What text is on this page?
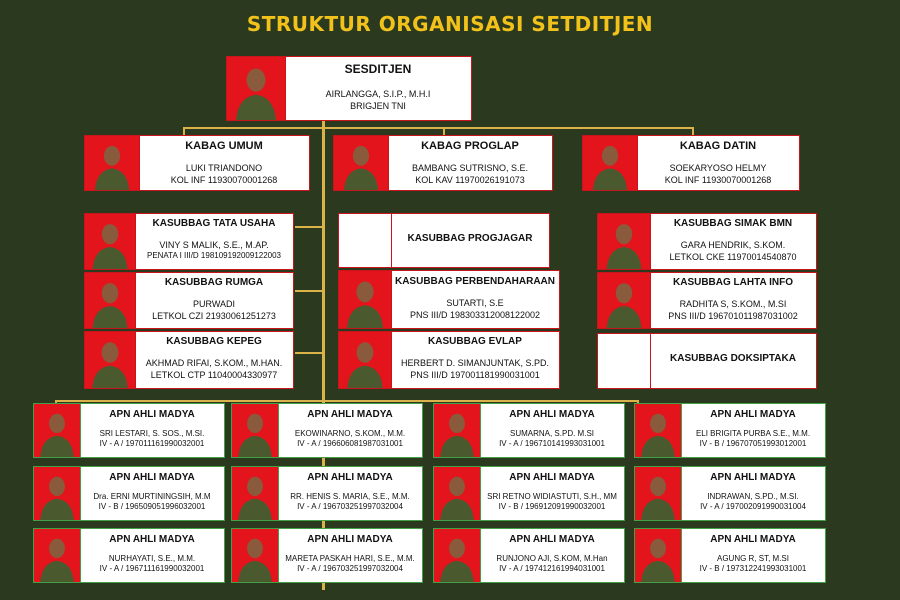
STRUKTUR ORGANISASI SETDITJEN
SESDITJEN
AIRLANGGA, S.I.P., M.H.I
BRIGJEN TNI
KABAG UMUM
LUKI TRIANDONO
KOL INF 11930070001268
KABAG PROGLAP
BAMBANG SUTRISNO, S.E.
KOL KAV 11970026191073
KABAG DATIN
SOEKARYOSO HELMY
KOL INF 11930070001268
KASUBBAG TATA USAHA
VINY S MALIK, S.E., M.AP.
PENATA I III/D 198109192009122003
KASUBBAG RUMGA
PURWADI
LETKOL CZI 21930061251273
KASUBBAG KEPEG
AKHMAD RIFAI, S.KOM., M.HAN.
LETKOL CTP 11040004330977
KASUBBAG PROGJAGAR
KASUBBAG PERBENDAHARAAN
SUTARTI, S.E
PNS III/D 198303312008122002
KASUBBAG EVLAP
HERBERT D. SIMANJUNTAK, S.PD.
PNS III/D 197001181990031001
KASUBBAG SIMAK BMN
GARA HENDRIK, S.KOM.
LETKOL CKE 11970014540870
KASUBBAG LAHTA INFO
RADHITA S, S.KOM., M.SI
PNS III/D 196701011987031002
KASUBBAG DOKSIPTAKA
APN AHLI MADYA
SRI LESTARI, S. SOS., M.SI.
IV - A / 197011161990032001
APN AHLI MADYA
EKOWINARNO, S.KOM., M.M.
IV - A / 196606081987031001
APN AHLI MADYA
SUMARNA, S.PD. M.SI
IV - A / 196710141993031001
APN AHLI MADYA
ELI BRIGITA PURBA S.E., M.M.
IV - B / 196707051993012001
APN AHLI MADYA
Dra. ERNI MURTININGSIH, M.M
IV - B / 196509051996032001
APN AHLI MADYA
RR. HENIS S. MARIA, S.E., M.M.
IV - A / 196703251997032004
APN AHLI MADYA
SRI RETNO WIDIASTUTI, S.H., MM
IV - B / 196912091990032001
APN AHLI MADYA
INDRAWAN, S.PD., M.SI.
IV - A / 197002091990031004
APN AHLI MADYA
NURHAYATI, S.E., M.M.
IV - A / 196711161990032001
APN AHLI MADYA
MARETA PASKAH HARI, S.E., M.M.
IV - A / 196703251997032004
APN AHLI MADYA
RUNJONO AJI, S.KOM, M.Han
IV - A / 197412161994031001
APN AHLI MADYA
AGUNG R, ST, M.SI
IV - B / 197312241993031001
